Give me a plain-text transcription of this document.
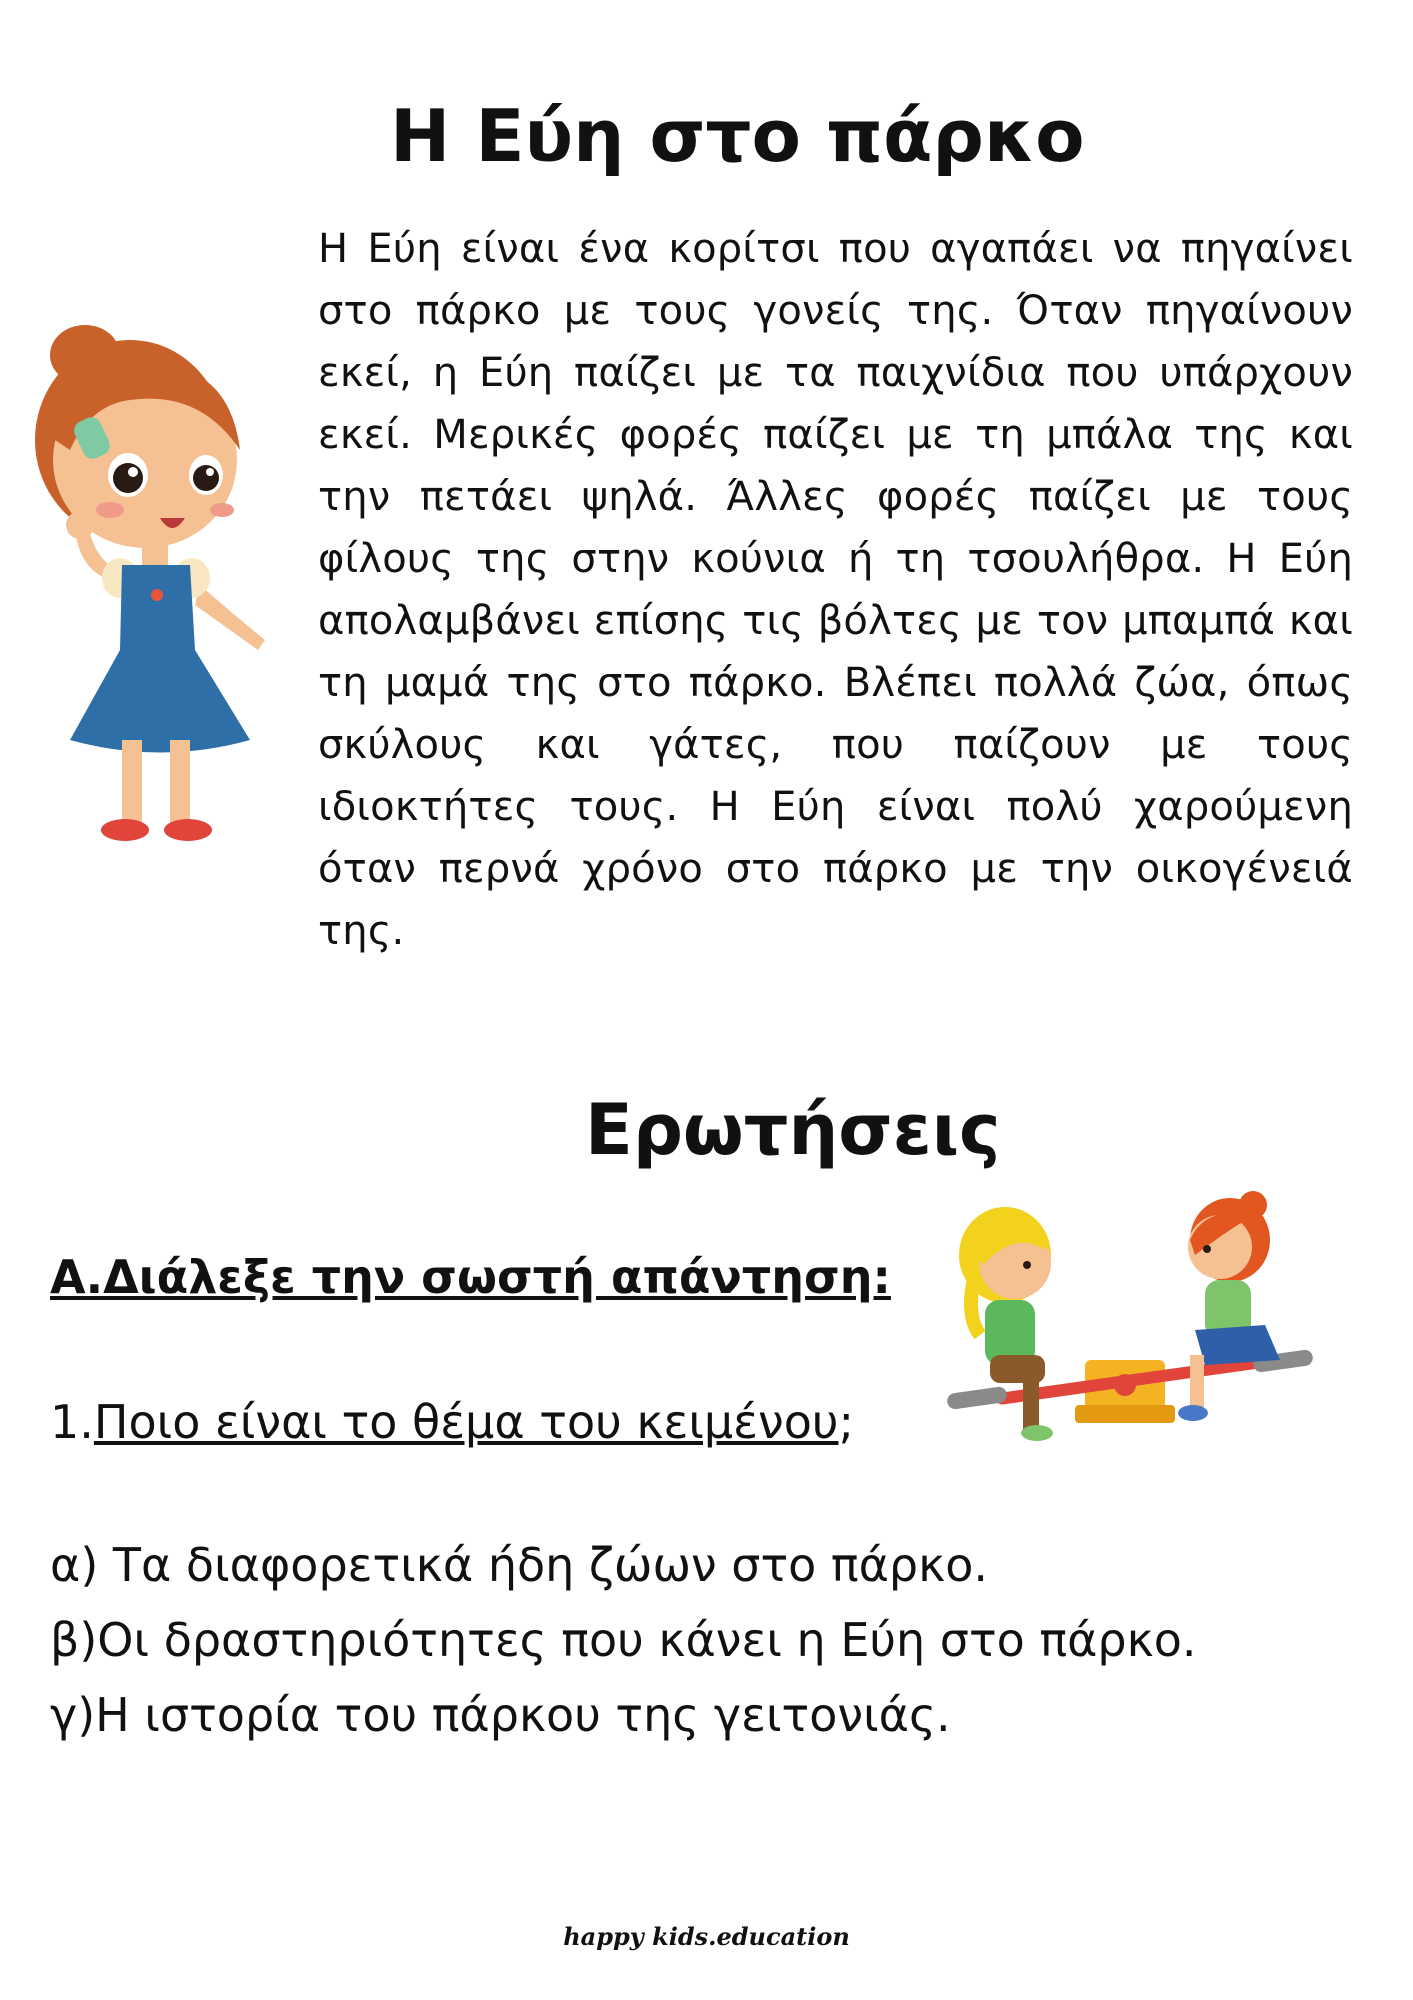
Η Εύη στο πάρκο
Η Εύη είναι ένα κορίτσι που αγαπάει να πηγαίνει στο πάρκο με τους γονείς της. Όταν πηγαίνουν εκεί, η Εύη παίζει με τα παιχνίδια που υπάρχουν εκεί. Μερικές φορές παίζει με τη μπάλα της και την πετάει ψηλά. Άλλες φορές παίζει με τους φίλους της στην κούνια ή τη τσουλήθρα. Η Εύη απολαμβάνει επίσης τις βόλτες με τον μπαμπά και τη μαμά της στο πάρκο. Βλέπει πολλά ζώα, όπως σκύλους και γάτες, που παίζουν με τους ιδιοκτήτες τους. Η Εύη είναι πολύ χαρούμενη όταν περνά χρόνο στο πάρκο με την οικογένειά της.
Ερωτήσεις
Α.Διάλεξε την σωστή απάντηση:
1.Ποιο είναι το θέμα του κειμένου;
α) Τα διαφορετικά ήδη ζώων στο πάρκο.
β)Οι δραστηριότητες που κάνει η Εύη στο πάρκο.
γ)Η ιστορία του πάρκου της γειτονιάς.
happy kids.education
